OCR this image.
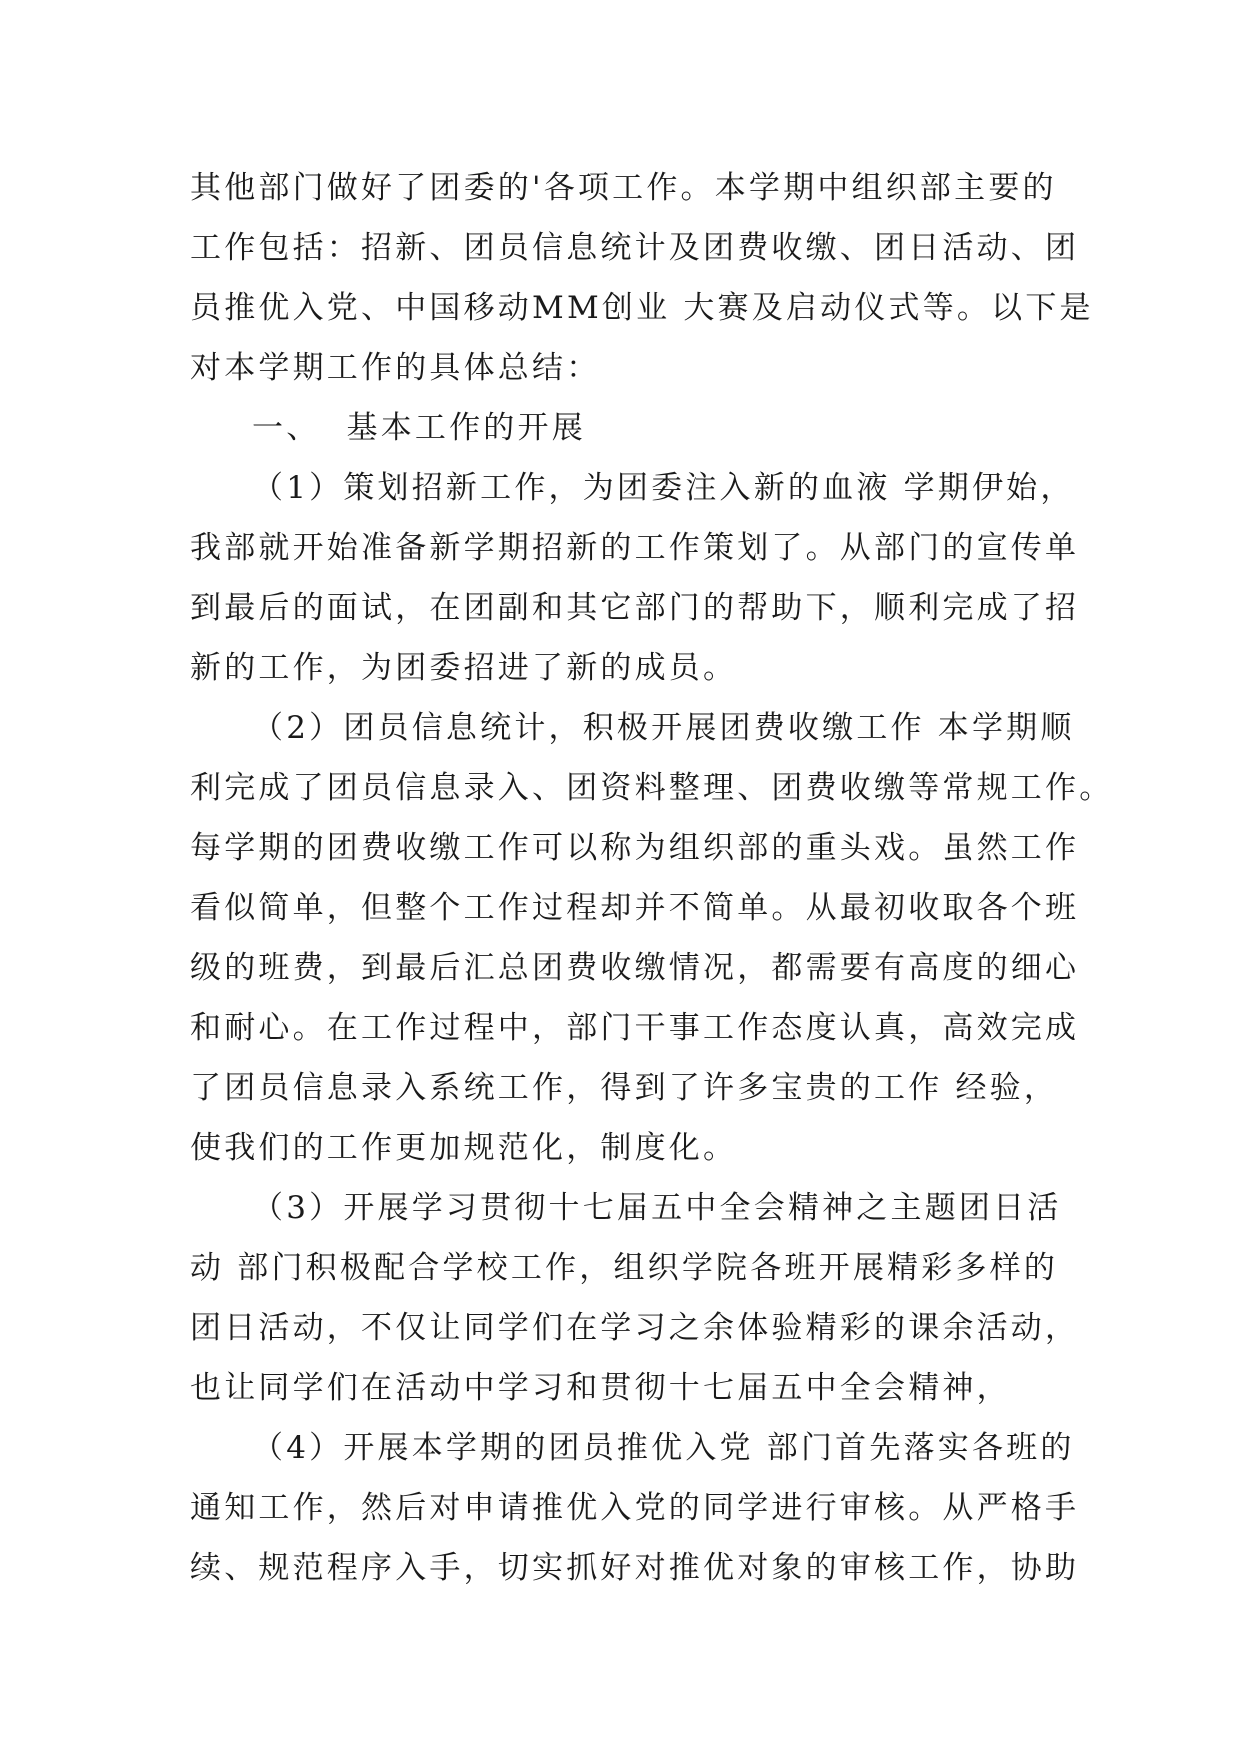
其他部门做好了团委的'各项工作。本学期中组织部主要的
工作包括：招新、团员信息统计及团费收缴、团日活动、团
员推优入党、中国移动MM创业 大赛及启动仪式等。以下是
对本学期工作的具体总结：
一、  基本工作的开展
（1）策划招新工作，为团委注入新的血液 学期伊始，
我部就开始准备新学期招新的工作策划了。从部门的宣传单
到最后的面试，在团副和其它部门的帮助下，顺利完成了招
新的工作，为团委招进了新的成员。
（2）团员信息统计，积极开展团费收缴工作 本学期顺
利完成了团员信息录入、团资料整理、团费收缴等常规工作。
每学期的团费收缴工作可以称为组织部的重头戏。虽然工作
看似简单，但整个工作过程却并不简单。从最初收取各个班
级的班费，到最后汇总团费收缴情况，都需要有高度的细心
和耐心。在工作过程中，部门干事工作态度认真，高效完成
了团员信息录入系统工作，得到了许多宝贵的工作 经验，
使我们的工作更加规范化，制度化。
（3）开展学习贯彻十七届五中全会精神之主题团日活
动 部门积极配合学校工作，组织学院各班开展精彩多样的
团日活动，不仅让同学们在学习之余体验精彩的课余活动，
也让同学们在活动中学习和贯彻十七届五中全会精神，
（4）开展本学期的团员推优入党 部门首先落实各班的
通知工作，然后对申请推优入党的同学进行审核。从严格手
续、规范程序入手，切实抓好对推优对象的审核工作，协助
